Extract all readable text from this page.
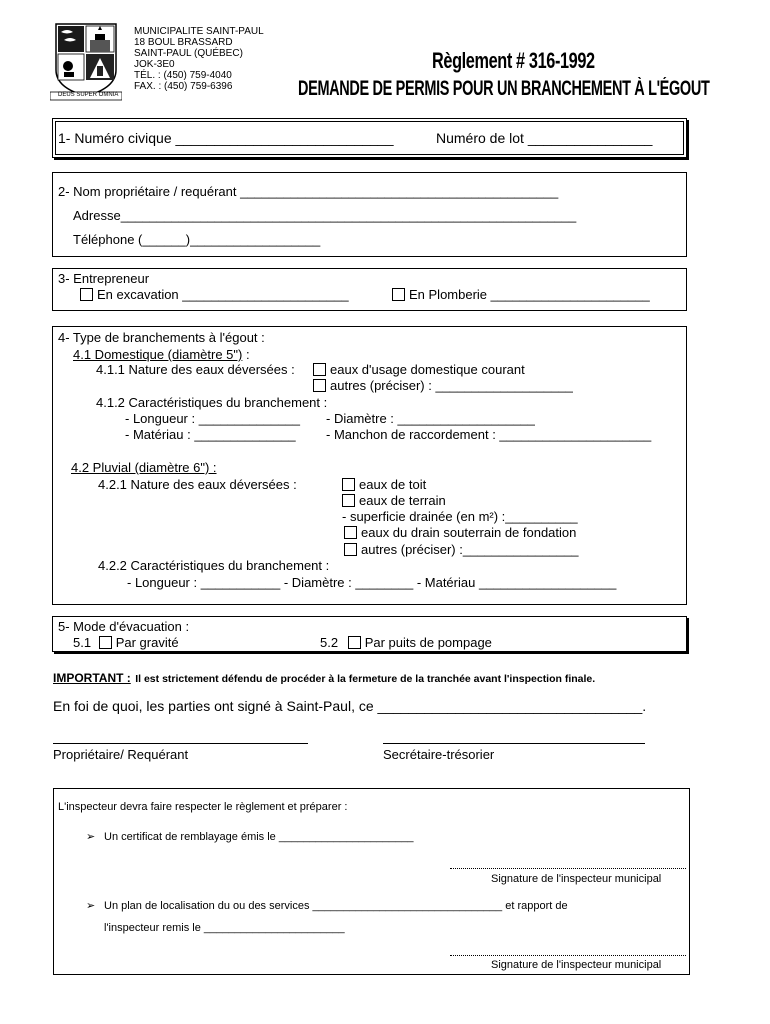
DEUS SUPER OMNIA
MUNICIPALITE SAINT-PAUL
18 BOUL BRASSARD
SAINT-PAUL (QUÉBEC)
JOK-3E0
TÉL. : (450) 759-4040
FAX. : (450) 759-6396
Règlement # 316-1992
DEMANDE DE PERMIS POUR UN BRANCHEMENT À L'ÉGOUT
1- Numéro civique ____________________________	Numéro de lot ________________
2- Nom propriétaire / requérant ____________________________________________
Adresse_______________________________________________________________
Téléphone (______)__________________
3- Entrepreneur
En excavation _______________________	En Plomberie ______________________
4- Type de branchements à l'égout :
4.1 Domestique (diamètre 5") :
4.1.1 Nature des eaux déversées :	eaux d'usage domestique courant
autres (préciser) : ___________________
4.1.2 Caractéristiques du branchement :
- Longueur : ______________ - Diamètre : ___________________
- Matériau : ______________ - Manchon de raccordement : _____________________
4.2 Pluvial (diamètre 6") :
4.2.1 Nature des eaux déversées :	eaux de toit
eaux de terrain
- superficie drainée (en m²) :__________
eaux du drain souterrain de fondation
autres (préciser) :________________
4.2.2 Caractéristiques du branchement :
- Longueur : ___________ - Diamètre : ________ - Matériau ___________________
5- Mode d'évacuation :
5.1 Par gravité	5.2 Par puits de pompage
IMPORTANT : Il est strictement défendu de procéder à la fermeture de la tranchée avant l'inspection finale.
En foi de quoi, les parties ont signé à Saint-Paul, ce __________________________________.
Propriétaire/ Requérant	Secrétaire-trésorier
L'inspecteur devra faire respecter le règlement et préparer :
➢ Un certificat de remblayage émis le ______________________
Signature de l'inspecteur municipal
➢ Un plan de localisation du ou des services _______________________________ et rapport de
l'inspecteur remis le _______________________
Signature de l'inspecteur municipal
